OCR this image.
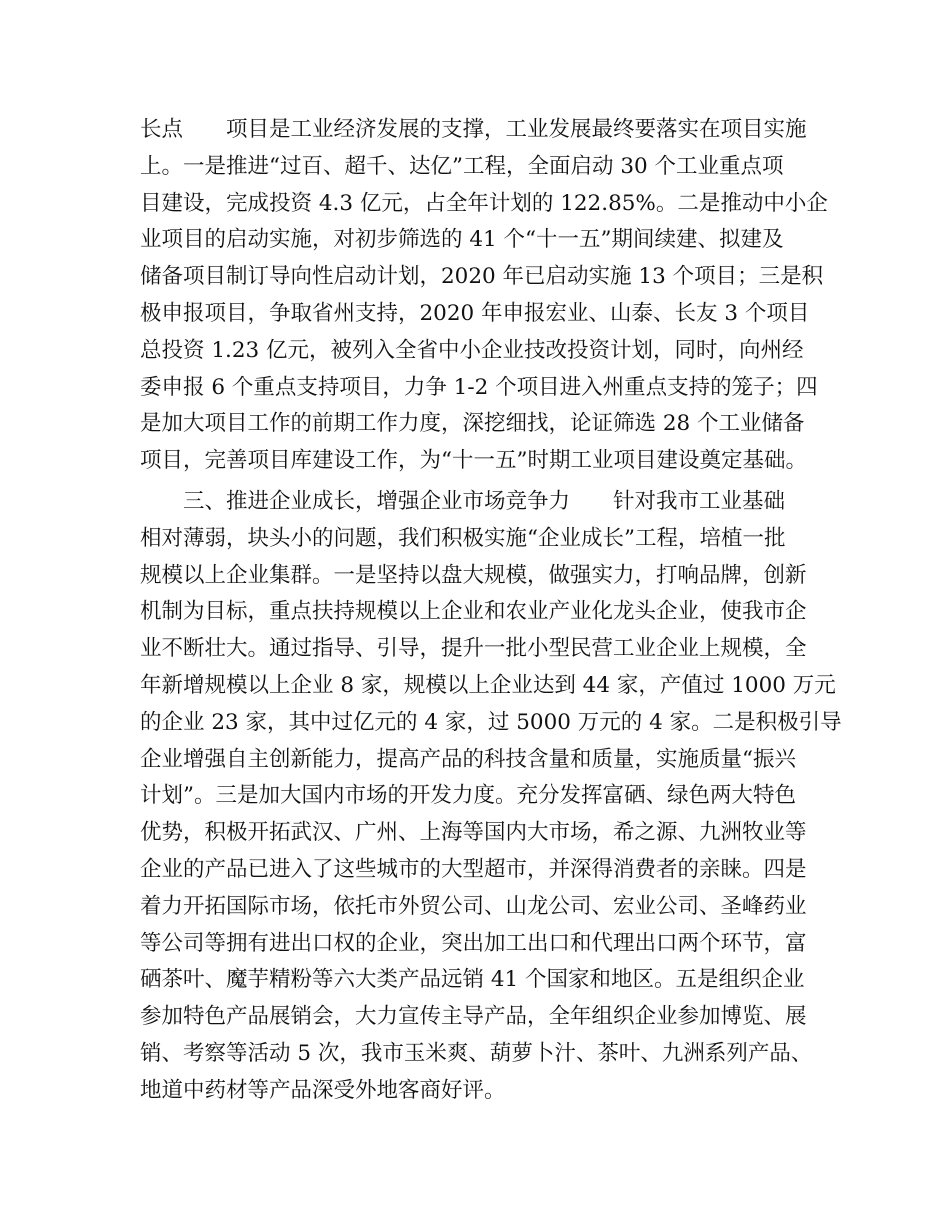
长点　　项目是工业经济发展的支撑，工业发展最终要落实在项目实施
上。一是推进“过百、超千、达亿”工程，全面启动 30 个工业重点项
目建设，完成投资 4.3 亿元，占全年计划的 122.85%。二是推动中小企
业项目的启动实施，对初步筛选的 41 个“十一五”期间续建、拟建及
储备项目制订导向性启动计划，2020 年已启动实施 13 个项目；三是积
极申报项目，争取省州支持，2020 年申报宏业、山泰、长友 3 个项目
总投资 1.23 亿元，被列入全省中小企业技改投资计划，同时，向州经
委申报 6 个重点支持项目，力争 1-2 个项目进入州重点支持的笼子；四
是加大项目工作的前期工作力度，深挖细找，论证筛选 28 个工业储备
项目，完善项目库建设工作，为“十一五”时期工业项目建设奠定基础。
　　三、推进企业成长，增强企业市场竞争力　　针对我市工业基础
相对薄弱，块头小的问题，我们积极实施“企业成长”工程，培植一批
规模以上企业集群。一是坚持以盘大规模，做强实力，打响品牌，创新
机制为目标，重点扶持规模以上企业和农业产业化龙头企业，使我市企
业不断壮大。通过指导、引导，提升一批小型民营工业企业上规模，全
年新增规模以上企业 8 家，规模以上企业达到 44 家，产值过 1000 万元
的企业 23 家，其中过亿元的 4 家，过 5000 万元的 4 家。二是积极引导
企业增强自主创新能力，提高产品的科技含量和质量，实施质量“振兴
计划”。三是加大国内市场的开发力度。充分发挥富硒、绿色两大特色
优势，积极开拓武汉、广州、上海等国内大市场，希之源、九洲牧业等
企业的产品已进入了这些城市的大型超市，并深得消费者的亲睐。四是
着力开拓国际市场，依托市外贸公司、山龙公司、宏业公司、圣峰药业
等公司等拥有进出口权的企业，突出加工出口和代理出口两个环节，富
硒茶叶、魔芋精粉等六大类产品远销 41 个国家和地区。五是组织企业
参加特色产品展销会，大力宣传主导产品，全年组织企业参加博览、展
销、考察等活动 5 次，我市玉米爽、葫萝卜汁、茶叶、九洲系列产品、
地道中药材等产品深受外地客商好评。
